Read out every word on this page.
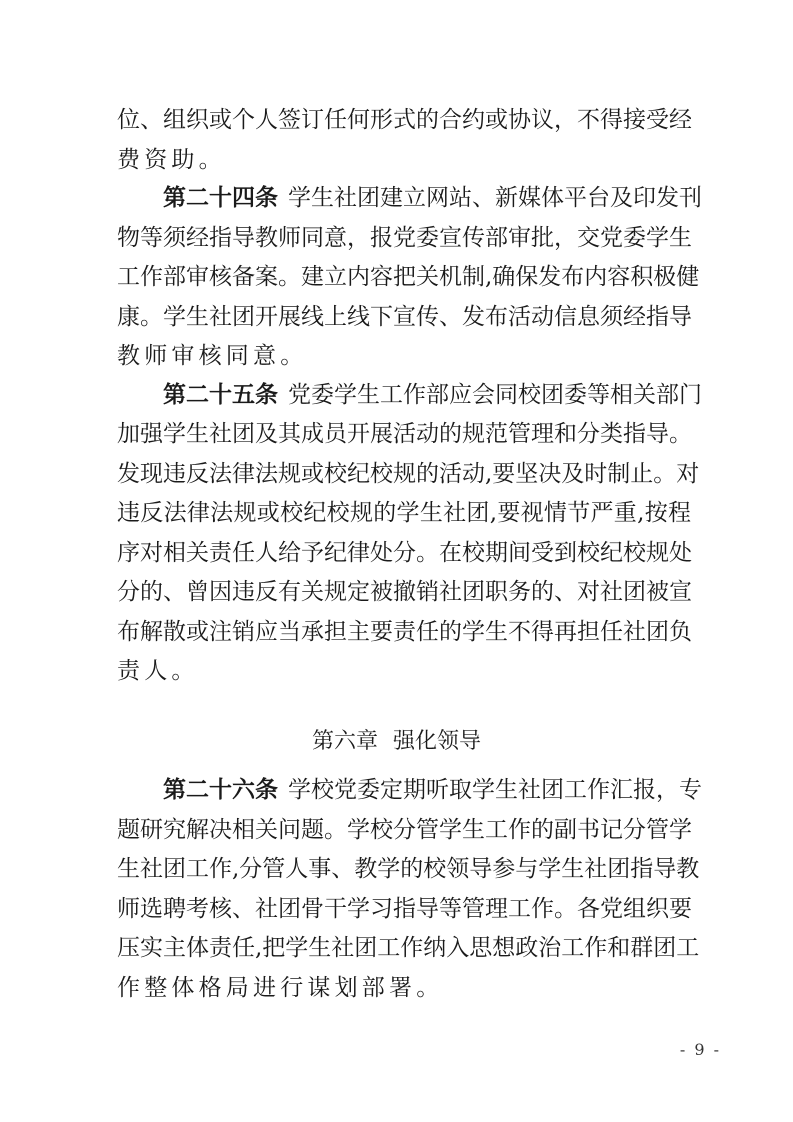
位、组织或个人签订任何形式的合约或协议，不得接受经
费资助。
第二十四条 学生社团建立网站、新媒体平台及印发刊
物等须经指导教师同意，报党委宣传部审批，交党委学生
工作部审核备案。建立内容把关机制,确保发布内容积极健
康。学生社团开展线上线下宣传、发布活动信息须经指导
教师审核同意。
第二十五条 党委学生工作部应会同校团委等相关部门
加强学生社团及其成员开展活动的规范管理和分类指导。
发现违反法律法规或校纪校规的活动,要坚决及时制止。对
违反法律法规或校纪校规的学生社团,要视情节严重,按程
序对相关责任人给予纪律处分。在校期间受到校纪校规处
分的、曾因违反有关规定被撤销社团职务的、对社团被宣
布解散或注销应当承担主要责任的学生不得再担任社团负
责人。
第六章 强化领导
第二十六条 学校党委定期听取学生社团工作汇报，专
题研究解决相关问题。学校分管学生工作的副书记分管学
生社团工作,分管人事、教学的校领导参与学生社团指导教
师选聘考核、社团骨干学习指导等管理工作。各党组织要
压实主体责任,把学生社团工作纳入思想政治工作和群团工
作整体格局进行谋划部署。
- 9 -
